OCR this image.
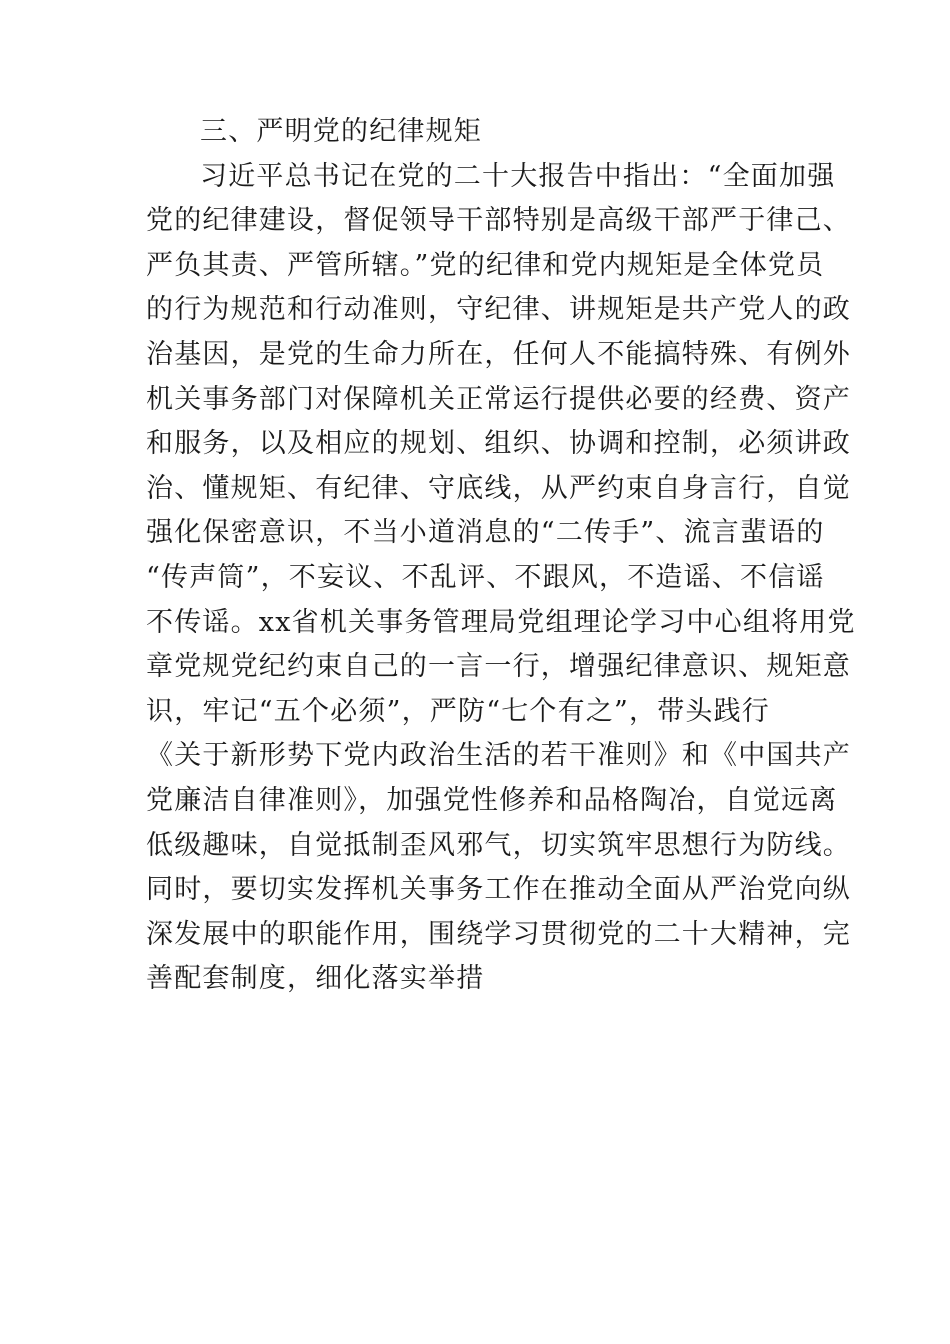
三、严明党的纪律规矩
习近平总书记在党的二十大报告中指出：“全面加强
党的纪律建设，督促领导干部特别是高级干部严于律己、
严负其责、严管所辖。”党的纪律和党内规矩是全体党员
的行为规范和行动准则，守纪律、讲规矩是共产党人的政
治基因，是党的生命力所在，任何人不能搞特殊、有例外
机关事务部门对保障机关正常运行提供必要的经费、资产
和服务，以及相应的规划、组织、协调和控制，必须讲政
治、懂规矩、有纪律、守底线，从严约束自身言行，自觉
强化保密意识，不当小道消息的“二传手”、流言蜚语的
“传声筒”，不妄议、不乱评、不跟风，不造谣、不信谣
不传谣。xx省机关事务管理局党组理论学习中心组将用党
章党规党纪约束自己的一言一行，增强纪律意识、规矩意
识，牢记“五个必须”，严防“七个有之”，带头践行
《关于新形势下党内政治生活的若干准则》和《中国共产
党廉洁自律准则》，加强党性修养和品格陶冶，自觉远离
低级趣味，自觉抵制歪风邪气，切实筑牢思想行为防线。
同时，要切实发挥机关事务工作在推动全面从严治党向纵
深发展中的职能作用，围绕学习贯彻党的二十大精神，完
善配套制度，细化落实举措
